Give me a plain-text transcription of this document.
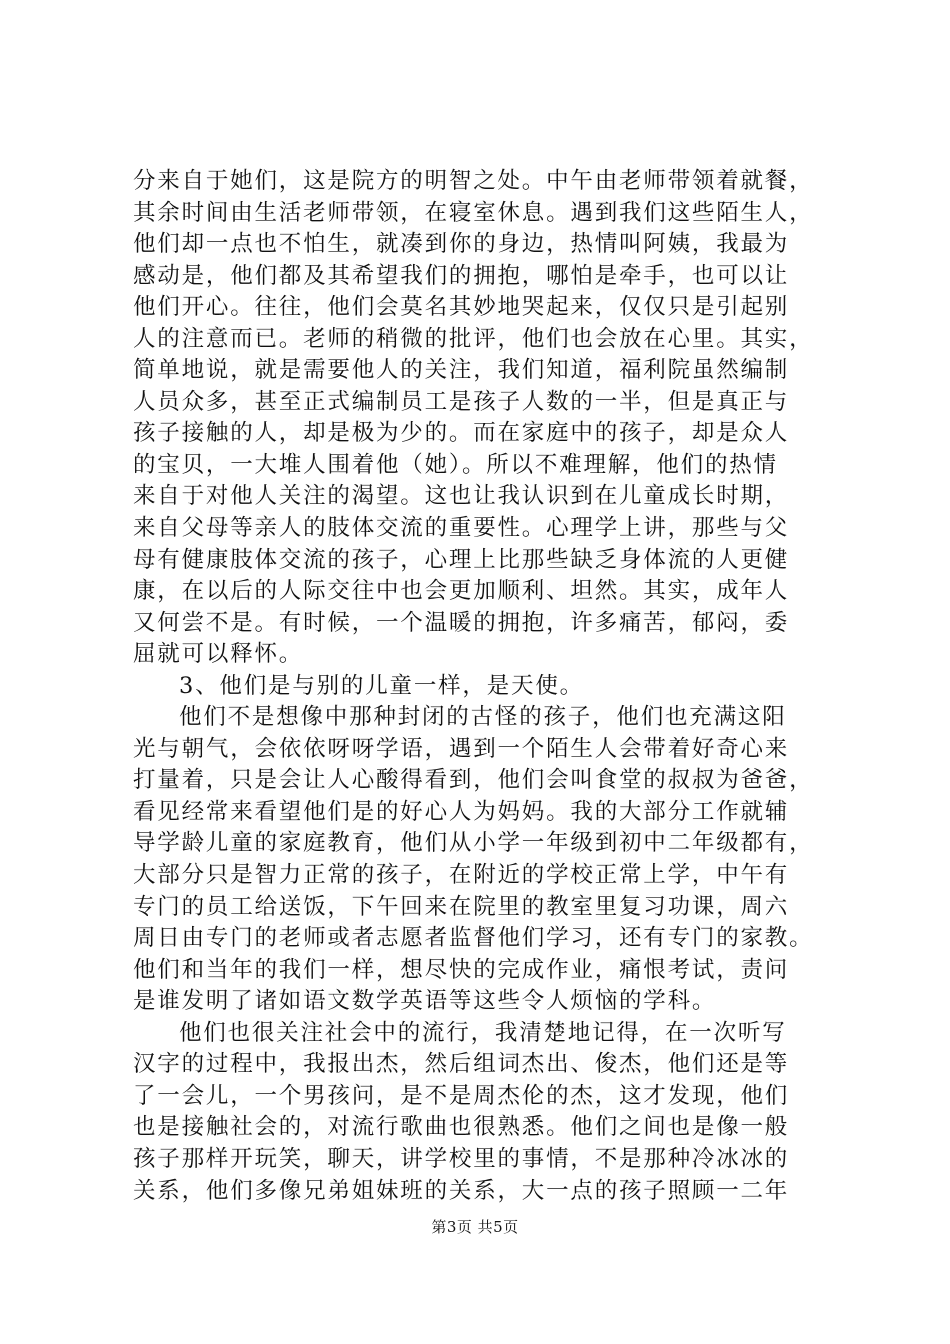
分来自于她们，这是院方的明智之处。中午由老师带领着就餐，
其余时间由生活老师带领，在寝室休息。遇到我们这些陌生人，
他们却一点也不怕生，就凑到你的身边，热情叫阿姨，我最为
感动是，他们都及其希望我们的拥抱，哪怕是牵手，也可以让
他们开心。往往，他们会莫名其妙地哭起来，仅仅只是引起别
人的注意而已。老师的稍微的批评，他们也会放在心里。其实，
简单地说，就是需要他人的关注，我们知道，福利院虽然编制
人员众多，甚至正式编制员工是孩子人数的一半，但是真正与
孩子接触的人，却是极为少的。而在家庭中的孩子，却是众人
的宝贝，一大堆人围着他（她）。所以不难理解，他们的热情
来自于对他人关注的渴望。这也让我认识到在儿童成长时期，
来自父母等亲人的肢体交流的重要性。心理学上讲，那些与父
母有健康肢体交流的孩子，心理上比那些缺乏身体流的人更健
康，在以后的人际交往中也会更加顺利、坦然。其实，成年人
又何尝不是。有时候，一个温暖的拥抱，许多痛苦，郁闷，委
屈就可以释怀。
3、他们是与别的儿童一样，是天使。
他们不是想像中那种封闭的古怪的孩子，他们也充满这阳
光与朝气，会依依呀呀学语，遇到一个陌生人会带着好奇心来
打量着，只是会让人心酸得看到，他们会叫食堂的叔叔为爸爸，
看见经常来看望他们是的好心人为妈妈。我的大部分工作就辅
导学龄儿童的家庭教育，他们从小学一年级到初中二年级都有，
大部分只是智力正常的孩子，在附近的学校正常上学，中午有
专门的员工给送饭，下午回来在院里的教室里复习功课，周六
周日由专门的老师或者志愿者监督他们学习，还有专门的家教。
他们和当年的我们一样，想尽快的完成作业，痛恨考试，责问
是谁发明了诸如语文数学英语等这些令人烦恼的学科。
他们也很关注社会中的流行，我清楚地记得，在一次听写
汉字的过程中，我报出杰，然后组词杰出、俊杰，他们还是等
了一会儿，一个男孩问，是不是周杰伦的杰，这才发现，他们
也是接触社会的，对流行歌曲也很熟悉。他们之间也是像一般
孩子那样开玩笑，聊天，讲学校里的事情，不是那种冷冰冰的
关系，他们多像兄弟姐妹班的关系，大一点的孩子照顾一二年
第3页 共5页
